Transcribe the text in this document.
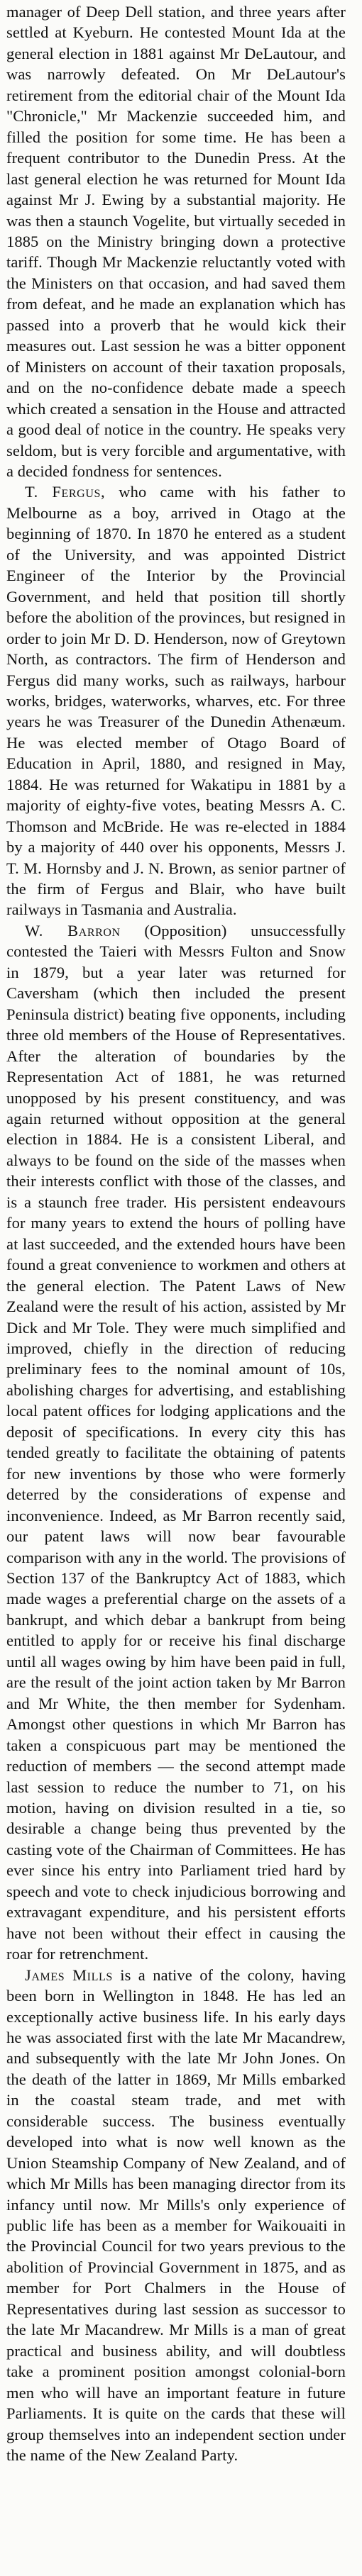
manager of Deep Dell station, and three years after settled at Kyeburn. He contested Mount Ida at the general election in 1881 against Mr DeLautour, and was narrowly defeated. On Mr DeLautour's retirement from the editorial chair of the Mount Ida "Chronicle," Mr Mackenzie succeeded him, and filled the position for some time. He has been a frequent contributor to the Dunedin Press. At the last general election he was returned for Mount Ida against Mr J. Ewing by a substantial majority. He was then a staunch Vogelite, but virtually seceded in 1885 on the Ministry bringing down a protective tariff. Though Mr Mackenzie reluctantly voted with the Ministers on that occasion, and had saved them from defeat, and he made an explanation which has passed into a proverb that he would kick their measures out. Last session he was a bitter opponent of Ministers on account of their taxation proposals, and on the no-confidence debate made a speech which created a sensation in the House and attracted a good deal of notice in the country. He speaks very seldom, but is very forcible and argumentative, with a decided fondness for sentences.

T. Fergus, who came with his father to Melbourne as a boy, arrived in Otago at the beginning of 1870. In 1870 he entered as a student of the University, and was appointed District Engineer of the Interior by the Provincial Government, and held that position till shortly before the abolition of the provinces, but resigned in order to join Mr D. D. Henderson, now of Greytown North, as contractors. The firm of Henderson and Fergus did many works, such as railways, harbour works, bridges, waterworks, wharves, etc. For three years he was Treasurer of the Dunedin Athenæum. He was elected member of Otago Board of Education in April, 1880, and resigned in May, 1884. He was returned for Wakatipu in 1881 by a majority of eighty-five votes, beating Messrs A. C. Thomson and McBride. He was re-elected in 1884 by a majority of 440 over his opponents, Messrs J. T. M. Hornsby and J. N. Brown, as senior partner of the firm of Fergus and Blair, who have built railways in Tasmania and Australia.

W. Barron (Opposition) unsuccessfully contested the Taieri with Messrs Fulton and Snow in 1879, but a year later was returned for Caversham (which then included the present Peninsula district) beating five opponents, including three old members of the House of Representatives. After the alteration of boundaries by the Representation Act of 1881, he was returned unopposed by his present constituency, and was again returned without opposition at the general election in 1884. He is a consistent Liberal, and always to be found on the side of the masses when their interests conflict with those of the classes, and is a staunch free trader. His persistent endeavours for many years to extend the hours of polling have at last succeeded, and the extended hours have been found a great convenience to workmen and others at the general election. The Patent Laws of New Zealand were the result of his action, assisted by Mr Dick and Mr Tole. They were much simplified and improved, chiefly in the direction of reducing preliminary fees to the nominal amount of 10s, abolishing charges for advertising, and establishing local patent offices for lodging applications and the deposit of specifications. In every city this has tended greatly to facilitate the obtaining of patents for new inventions by those who were formerly deterred by the considerations of expense and inconvenience. Indeed, as Mr Barron recently said, our patent laws will now bear favourable comparison with any in the world. The provisions of Section 137 of the Bankruptcy Act of 1883, which made wages a preferential charge on the assets of a bankrupt, and which debar a bankrupt from being entitled to apply for or receive his final discharge until all wages owing by him have been paid in full, are the result of the joint action taken by Mr Barron and Mr White, the then member for Sydenham. Amongst other questions in which Mr Barron has taken a conspicuous part may be mentioned the reduction of members — the second attempt made last session to reduce the number to 71, on his motion, having on division resulted in a tie, so desirable a change being thus prevented by the casting vote of the Chairman of Committees. He has ever since his entry into Parliament tried hard by speech and vote to check injudicious borrowing and extravagant expenditure, and his persistent efforts have not been without their effect in causing the roar for retrenchment.

James Mills is a native of the colony, having been born in Wellington in 1848. He has led an exceptionally active business life. In his early days he was associated first with the late Mr Macandrew, and subsequently with the late Mr John Jones. On the death of the latter in 1869, Mr Mills embarked in the coastal steam trade, and met with considerable success. The business eventually developed into what is now well known as the Union Steamship Company of New Zealand, and of which Mr Mills has been managing director from its infancy until now. Mr Mills's only experience of public life has been as a member for Waikouaiti in the Provincial Council for two years previous to the abolition of Provincial Government in 1875, and as member for Port Chalmers in the House of Representatives during last session as successor to the late Mr Macandrew. Mr Mills is a man of great practical and business ability, and will doubtless take a prominent position amongst colonial-born men who will have an important feature in future Parliaments. It is quite on the cards that these will group themselves into an independent section under the name of the New Zealand Party.
